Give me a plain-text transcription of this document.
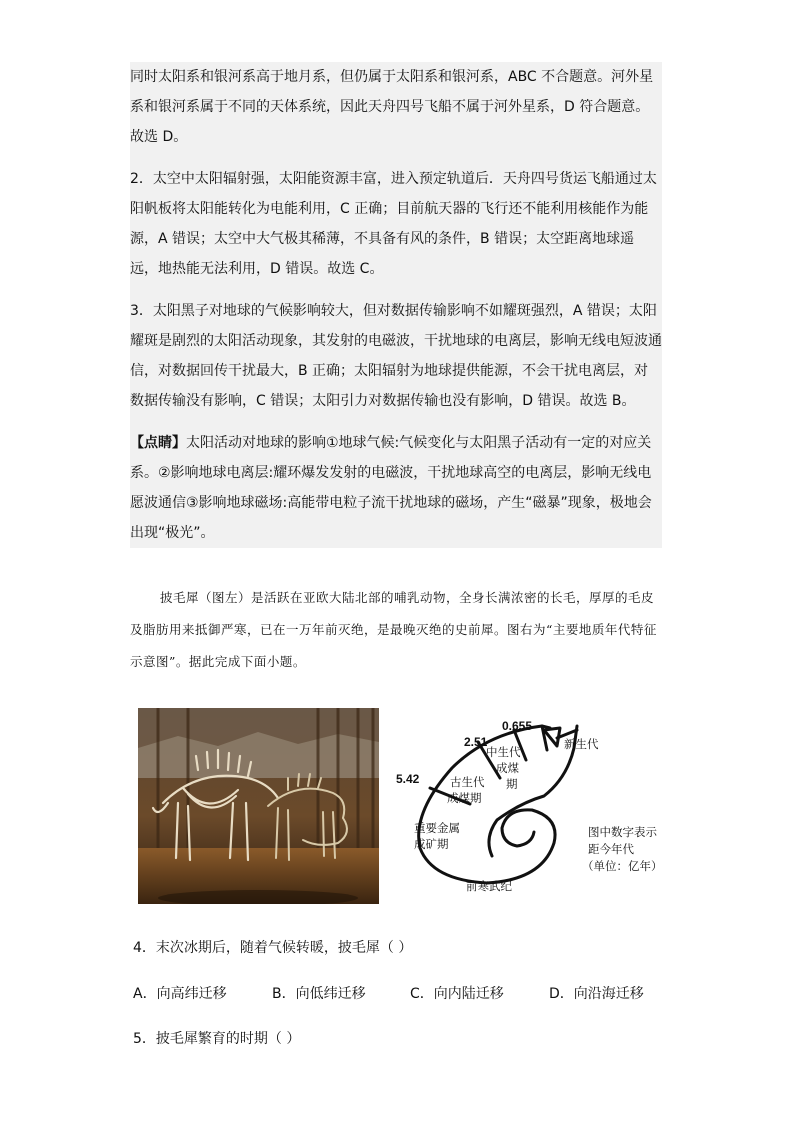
同时太阳系和银河系高于地月系，但仍属于太阳系和银河系，ABC 不合题意。河外星系和银河系属于不同的天体系统，因此天舟四号飞船不属于河外星系，D 符合题意。故选 D。

2．太空中太阳辐射强，太阳能资源丰富，进入预定轨道后．天舟四号货运飞船通过太阳帆板将太阳能转化为电能利用，C 正确；目前航天器的飞行还不能利用核能作为能源，A 错误；太空中大气极其稀薄，不具备有风的条件，B 错误；太空距离地球遥远，地热能无法利用，D 错误。故选 C。

3．太阳黑子对地球的气候影响较大，但对数据传输影响不如耀斑强烈，A 错误；太阳耀斑是剧烈的太阳活动现象，其发射的电磁波，干扰地球的电离层，影响无线电短波通信，对数据回传干扰最大，B 正确；太阳辐射为地球提供能源，不会干扰电离层，对数据传输没有影响，C 错误；太阳引力对数据传输也没有影响，D 错误。故选 B。

【点睛】太阳活动对地球的影响①地球气候:气候变化与太阳黑子活动有一定的对应关系。②影响地球电离层:耀环爆发发射的电磁波，干扰地球高空的电离层，影响无线电愿波通信③影响地球磁场:高能带电粒子流干扰地球的磁场，产生“磁暴”现象，极地会出现“极光”。

披毛犀（图左）是活跃在亚欧大陆北部的哺乳动物，全身长满浓密的长毛，厚厚的毛皮及脂肪用来抵御严寒，已在一万年前灭绝，是最晚灭绝的史前犀。图右为“主要地质年代特征示意图”。据此完成下面小题。
5.42
2.51
0.655
新生代
中生代
成煤
期
古生代
成煤期
重要金属
成矿期
前寒武纪
图中数字表示
距今年代
（单位：亿年）
4．末次冰期后，随着气候转暖，披毛犀（ ）
A．向高纬迁移	B．向低纬迁移	C．向内陆迁移	D．向沿海迁移
5．披毛犀繁育的时期（ ）
